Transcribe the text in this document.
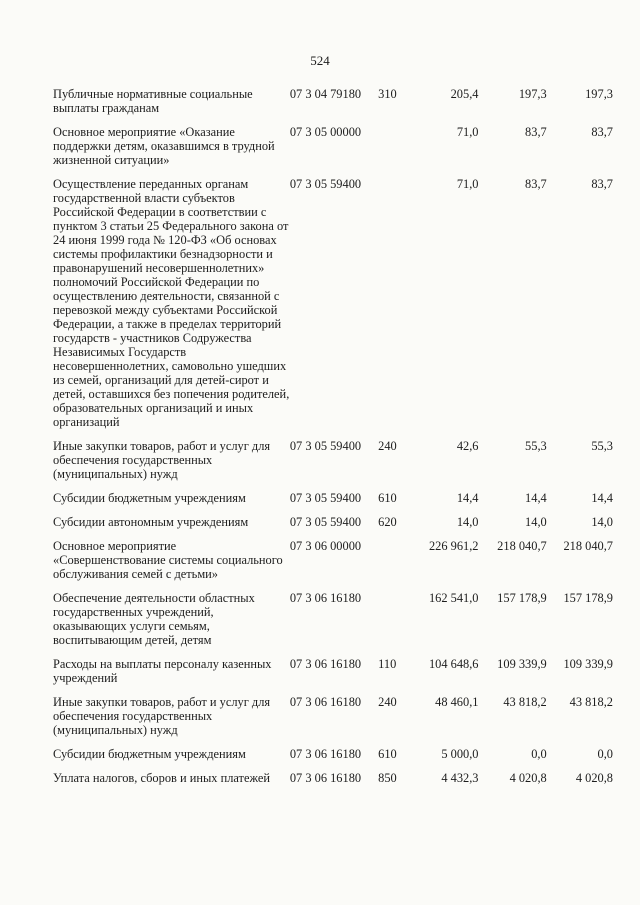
524
Публичные нормативные социальные выплаты гражданам	07 3 04 79180	310	205,4	197,3	197,3
Основное мероприятие «Оказание поддержки детям, оказавшимся в трудной жизненной ситуации»	07 3 05 00000		71,0	83,7	83,7
Осуществление переданных органам государственной власти субъектов Российской Федерации в соответствии с пунктом 3 статьи 25 Федерального закона от 24 июня 1999 года № 120-ФЗ «Об основах системы профилактики безнадзорности и правонарушений несовершеннолетних» полномочий Российской Федерации по осуществлению деятельности, связанной с перевозкой между субъектами Российской Федерации, а также в пределах территорий государств - участников Содружества Независимых Государств несовершеннолетних, самовольно ушедших из семей, организаций для детей-сирот и детей, оставшихся без попечения родителей, образовательных организаций и иных организаций	07 3 05 59400		71,0	83,7	83,7
Иные закупки товаров, работ и услуг для обеспечения государственных (муниципальных) нужд	07 3 05 59400	240	42,6	55,3	55,3
Субсидии бюджетным учреждениям	07 3 05 59400	610	14,4	14,4	14,4
Субсидии автономным учреждениям	07 3 05 59400	620	14,0	14,0	14,0
Основное мероприятие «Совершенствование системы социального обслуживания семей с детьми»	07 3 06 00000		226 961,2	218 040,7	218 040,7
Обеспечение деятельности областных государственных учреждений, оказывающих услуги семьям, воспитывающим детей, детям	07 3 06 16180		162 541,0	157 178,9	157 178,9
Расходы на выплаты персоналу казенных учреждений	07 3 06 16180	110	104 648,6	109 339,9	109 339,9
Иные закупки товаров, работ и услуг для обеспечения государственных (муниципальных) нужд	07 3 06 16180	240	48 460,1	43 818,2	43 818,2
Субсидии бюджетным учреждениям	07 3 06 16180	610	5 000,0	0,0	0,0
Уплата налогов, сборов и иных платежей	07 3 06 16180	850	4 432,3	4 020,8	4 020,8
